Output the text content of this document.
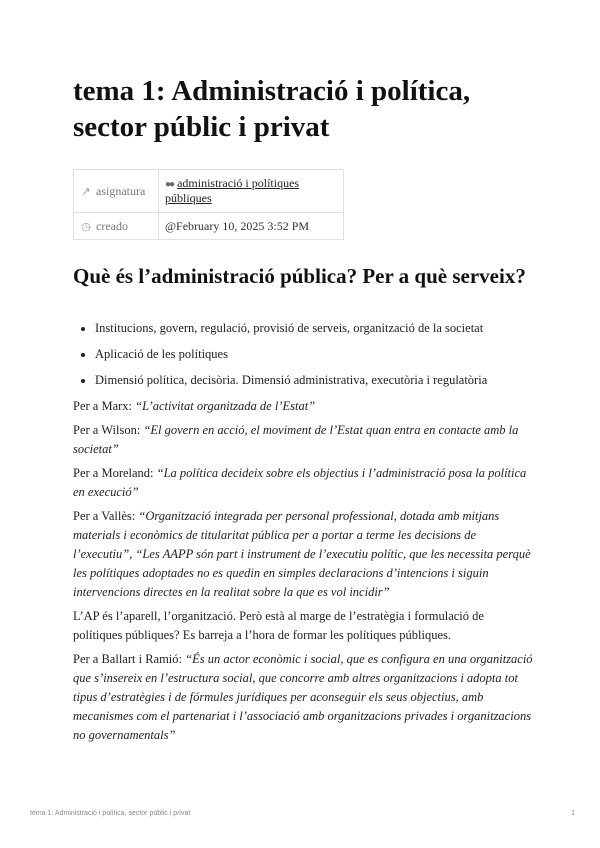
tema 1: Administració i política, sector públic i privat
↗ asignatura	●● administració i polítiques públiques
◷ creado	@February 10, 2025 3:52 PM
Què és l’administració pública? Per a què serveix?
• Institucions, govern, regulació, provisió de serveis, organització de la societat
• Aplicació de les polítiques
• Dimensió política, decisòria. Dimensió administrativa, executòria i regulatòria

Per a Marx: “L’activitat organitzada de l’Estat”

Per a Wilson: “El govern en acció, el moviment de l’Estat quan entra en contacte amb la societat”

Per a Moreland: “La política decideix sobre els objectius i l’administració posa la política en execució”

Per a Vallès: “Organització integrada per personal professional, dotada amb mitjans materials i econòmics de titularitat pública per a portar a terme les decisions de l’executiu”, “Les AAPP són part i instrument de l’executiu polític, que les necessita perquè les polítiques adoptades no es quedin en simples declaracions d’intencions i siguin intervencions directes en la realitat sobre la que es vol incidir”

L’AP és l’aparell, l’organització. Però està al marge de l’estratègia i formulació de polítiques públiques? Es barreja a l’hora de formar les polítiques públiques.

Per a Ballart i Ramió: “És un actor econòmic i social, que es configura en una organització que s’insereix en l’estructura social, que concorre amb altres organitzacions i adopta tot tipus d’estratègies i de fórmules jurídiques per aconseguir els seus objectius, amb mecanismes com el partenariat i l’associació amb organitzacions privades i organitzacions no governamentals”

tema 1: Administració i política, sector públic i privat	1
